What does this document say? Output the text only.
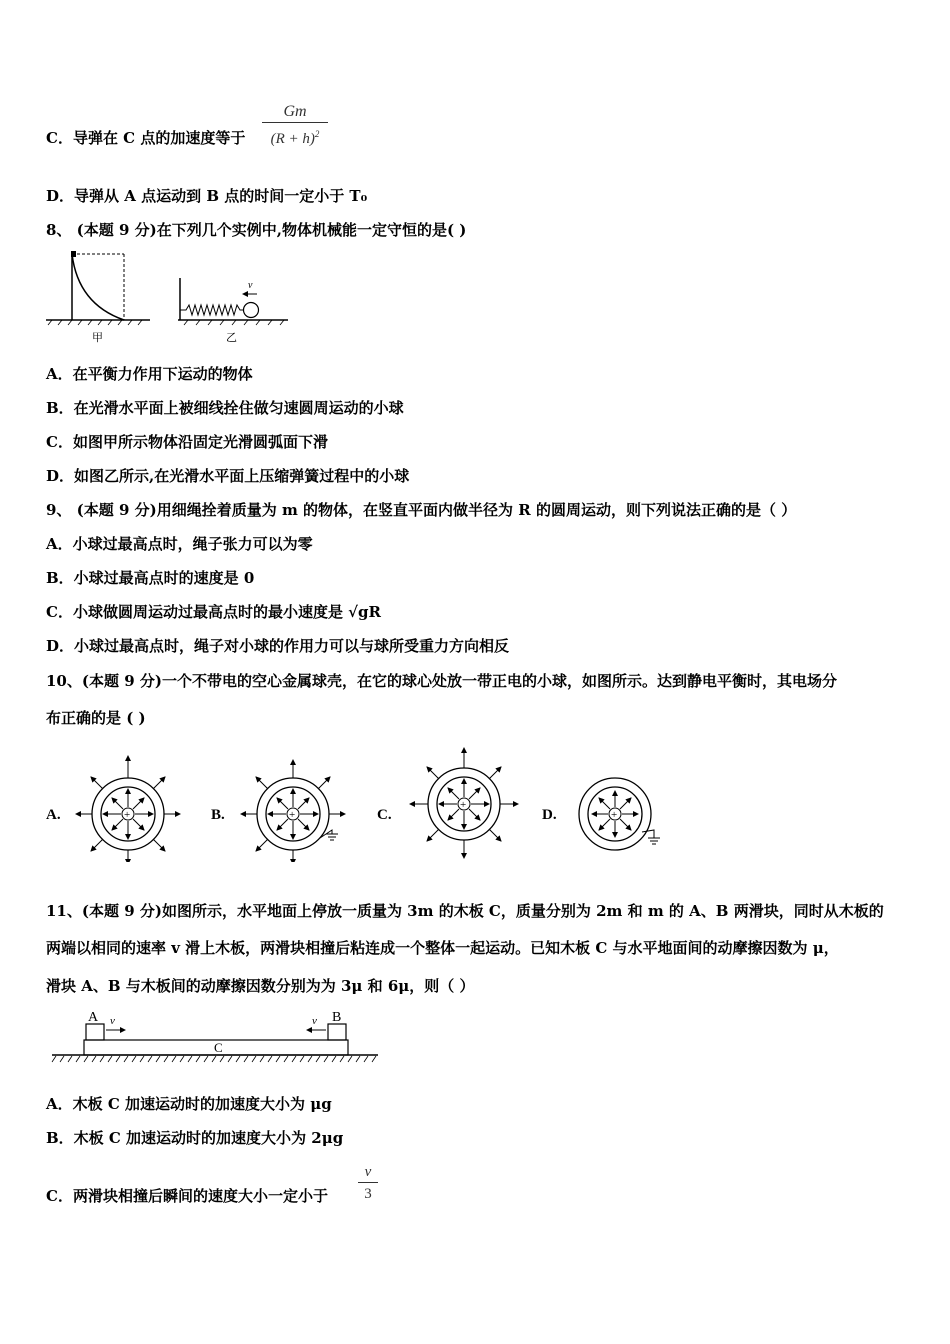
C．导弹在 C 点的加速度等于 $\frac{Gm}{(R + h)^2}$
D．导弹从 A 点运动到 B 点的时间一定小于 T₀
8、 (本题 9 分)在下列几个实例中,物体机械能一定守恒的是( )
甲
v
乙
A．在平衡力作用下运动的物体
B．在光滑水平面上被细线拴住做匀速圆周运动的小球
C．如图甲所示物体沿固定光滑圆弧面下滑
D．如图乙所示,在光滑水平面上压缩弹簧过程中的小球
9、 (本题 9 分)用细绳拴着质量为 m 的物体，在竖直平面内做半径为 R 的圆周运动，则下列说法正确的是（ ）
A．小球过最高点时，绳子张力可以为零
B．小球过最高点时的速度是 0
C．小球做圆周运动过最高点时的最小速度是 √gR
D．小球过最高点时，绳子对小球的作用力可以与球所受重力方向相反
10、(本题 9 分)一个不带电的空心金属球壳，在它的球心处放一带正电的小球，如图所示。达到静电平衡时，其电场分
布正确的是 ( )
A.	+	B.	+	C.
+
D.	+
11、(本题 9 分)如图所示，水平地面上停放一质量为 3m 的木板 C，质量分别为 2m 和 m 的 A、B 两滑块，同时从木板的
两端以相同的速率 v 滑上木板，两滑块相撞后粘连成一个整体一起运动。已知木板 C 与水平地面间的动摩擦因数为 μ，
滑块 A、B 与木板间的动摩擦因数分别为为 3μ 和 6μ，则（ ）
C
A v	B
v
A．木板 C 加速运动时的加速度大小为 μg
B．木板 C 加速运动时的加速度大小为 2μg
C．两滑块相撞后瞬间的速度大小一定小于 $\frac{v}{3}$
